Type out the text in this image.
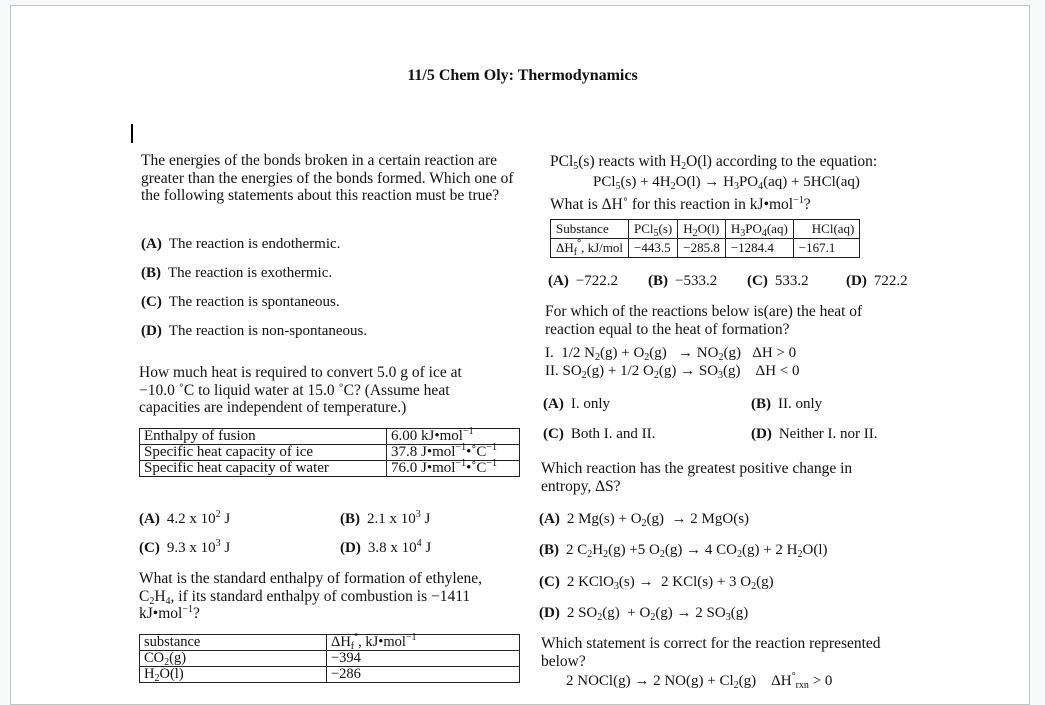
11/5 Chem Oly: Thermodynamics
The energies of the bonds broken in a certain reaction are greater than the energies of the bonds formed. Which one of the following statements about this reaction must be true?
(A) The reaction is endothermic.
(B) The reaction is exothermic.
(C) The reaction is spontaneous.
(D) The reaction is non-spontaneous.
How much heat is required to convert 5.0 g of ice at −10.0 ˚C to liquid water at 15.0 ˚C? (Assume heat capacities are independent of temperature.)
Enthalpy of fusion	6.00 kJ•mol$^{-1}$
Specific heat capacity of ice	37.8 $J•mol^{-1}•˚C^{-1}$
Specific heat capacity of water	76.0 $J•mol^{-1}•˚C^{-1}$
(A) 4.2 x $10^2$ J	(B) 2.1 x $10^3$ J
(C) 9.3 x $10^3$ J	(D) 3.8 x $10^4$ J
What is the standard enthalpy of formation of ethylene,
$C_2H_4$, if its standard enthalpy of combustion is −1411
kJ•mol$^{-1}$?
substance	$\Delta H_f^\circ$, kJ•mol$^{-1}$
$CO_2(g)$	−394
$H_2O(l)$	−286
PCl$_5$(s) reacts with $H_2O(l)$ according to the equation:
$PCl_5(s) + 4H_2O(l) \to H_3PO_4(aq) + 5HCl(aq)$
What is ΔH˚ for this reaction in kJ•mol$^{-1}$?
Substance	PCl$_5$(s)	$H_2O(l)$	$H_3PO_4(aq)$	HCl(aq)
$\Delta H_f^\circ$, kJ/mol	−443.5	−285.8	−1284.4	−167.1
(A) −722.2 (B) −533.2 (C) 533.2 (D) 722.2
For which of the reactions below is(are) the heat of reaction equal to the heat of formation?
I.  1/2 $N_2(g) + O_2(g) \to NO_2(g) \Delta H > 0$
II. $SO_2(g) + 1/2$ $O_2(g) \to SO_3(g)$    ΔH < 0
(A) I. only	(B) II. only
(C) Both I. and II.	(D) Neither I. nor II.
Which reaction has the greatest positive change in entropy, ΔS?
(A) 2 $Mg(s) + O_2(g) \to 2$ MgO(s)
(B) 2 $C_2H_2(g) +5$ $O_2(g) \to 4$ $CO_2(g) + 2$ $H_2O(l)$
(C) 2 KClO$_3$(s) →  2 KCl(s) + 3 $O_2(g)$
(D) 2 $SO_2(g) + O_2(g) \to 2$ $SO_3(g)$
Which statement is correct for the reaction represented below?
2 NOCl(g) → 2 $NO(g) + Cl_2(g)$    $\Delta H^\circ_{rxn} > 0$
